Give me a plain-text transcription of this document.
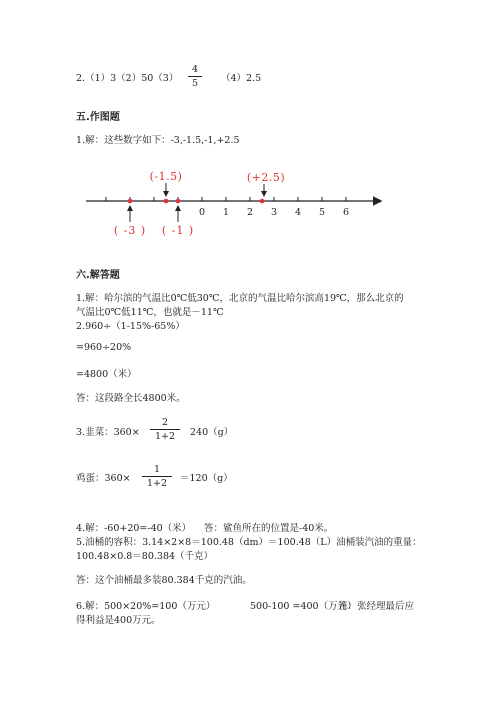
2.（1）3（2）50（3）
4
5	（4）2.5
五.作图题
1.解：这些数字如下：-3,-1.5,-1,+2.5
0 1 2 3 4 5 6
(-1.5)	(+2.5)
( -3 ) ( -1 )
六.解答题
1.解：哈尔滨的气温比0℃低30℃，北京的气温比哈尔滨高19℃，那么北京的
气温比0℃低11℃，也就是－11℃
2.960÷（1-15%-65%）
=960÷20%
=4800（米）
答：这段路全长4800米。
3.韭菜：360×
2
1+2	240（g）
鸡蛋：360×
1
1+2	＝120（g）
4.解：-60+20=-40（米） 答：鲨鱼所在的位置是-40米。
5.油桶的容积：3.14×2×8＝100.48（dm）＝100.48（L）油桶装汽油的重量：
100.48×0.8＝80.384（千克）
答：这个油桶最多装80.384千克的汽油。
6.解：500×20%=100（万元）	500-100 =400（万元）
答：张经理最后应
得利益是400万元。
